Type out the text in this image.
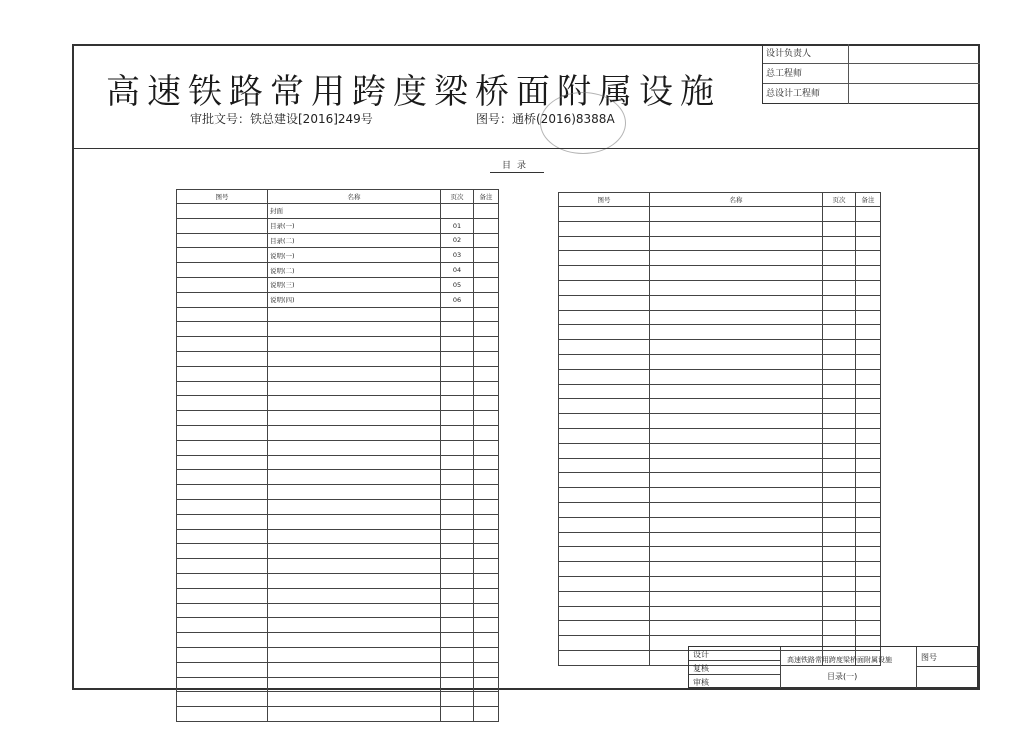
高速铁路常用跨度梁桥面附属设施
审批文号：铁总建设[2016]249号	图号：通桥(2016)8388A
设计负责人
总工程师
总设计工程师
目录
图号	名称	页次	备注
	封面		
	目录(一)	01	
	目录(二)	02	
	说明(一)	03	
	说明(二)	04	
	说明(三)	05	
	说明(四)	06	

图号	名称	页次	备注

设计
复核
审核
高速铁路常用跨度梁桥面附属设施
目录(一)
图号
